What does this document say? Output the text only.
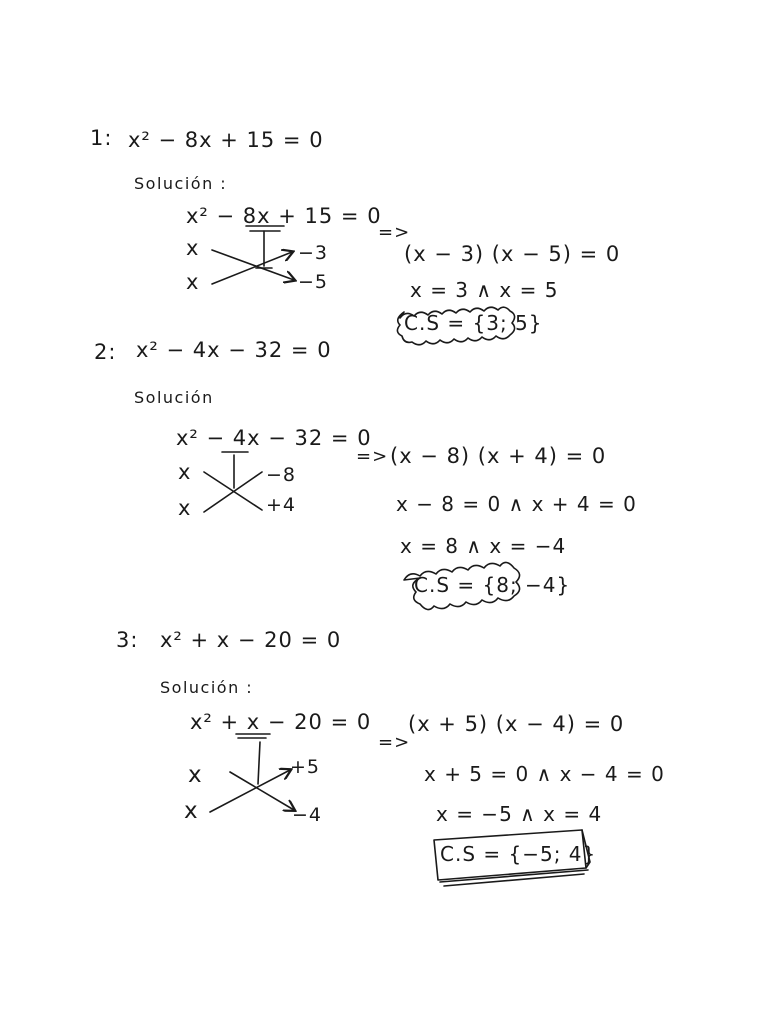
1: x² − 8x + 15 = 0
Solución :
x² − 8x + 15 = 0
x
x
−3
−5
=>
(x − 3) (x − 5) = 0
x = 3 ∧ x = 5
C.S = {3; 5}
2: x² − 4x − 32 = 0
Solución
x² − 4x − 32 = 0
x
x
−8
+4
=> (x − 8) (x + 4) = 0
x − 8 = 0 ∧ x + 4 = 0
x = 8 ∧ x = −4
C.S = {8; −4}
3: x² + x − 20 = 0
Solución :
x² + x − 20 = 0
x
x
+5
−4
=>
(x + 5) (x − 4) = 0
x + 5 = 0 ∧ x − 4 = 0
x = −5 ∧ x = 4
C.S = {−5; 4}
